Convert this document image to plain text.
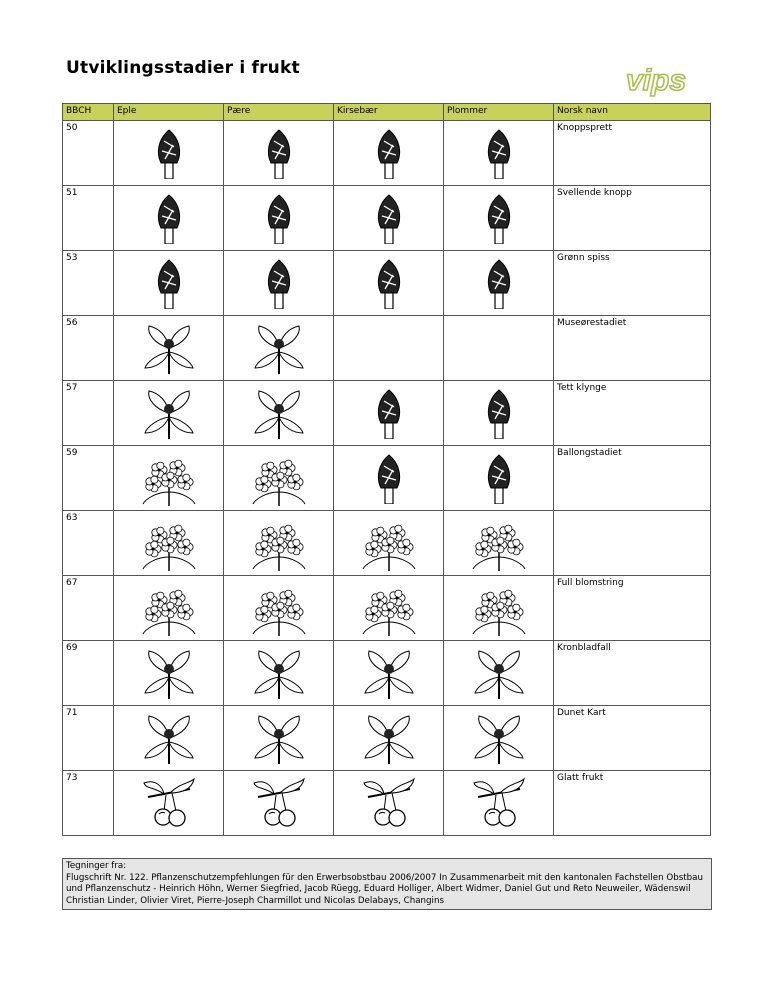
Utviklingsstadier i frukt	vips
BBCH	Eple	Pære	Kirsebær	Plommer	Norsk navn
50					Knoppsprett
51					Svellende knopp
53					Grønn spiss
56					Museørestadiet
57					Tett klynge
59					Ballongstadiet
63	

67					Full blomstring
69					Kronbladfall
71					Dunet Kart
73					Glatt frukt
Tegninger fra:
Flugschrift Nr. 122. Pflanzenschutzempfehlungen für den Erwerbsobstbau 2006/2007 In Zusammenarbeit mit den kantonalen Fachstellen Obstbau und Pflanzenschutz - Heinrich Höhn, Werner Siegfried, Jacob Rüegg, Eduard Holliger, Albert Widmer, Daniel Gut und Reto Neuweiler, Wädenswil Christian Linder, Olivier Viret, Pierre-Joseph Charmillot und Nicolas Delabays, Changins
